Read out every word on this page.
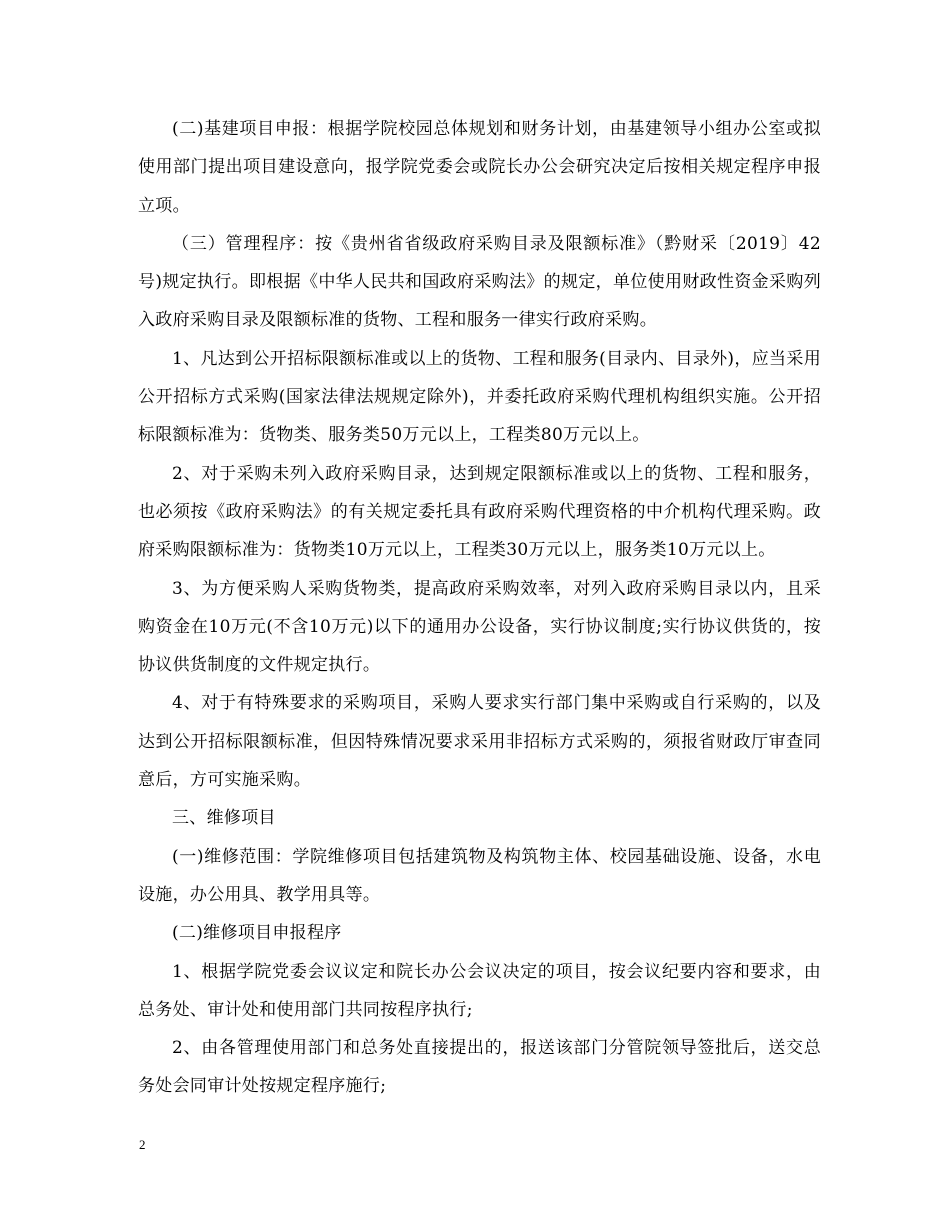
(二)基建项目申报：根据学院校园总体规划和财务计划，由基建领导小组办公室或拟使用部门提出项目建设意向，报学院党委会或院长办公会研究决定后按相关规定程序申报立项。

（三）管理程序：按《贵州省省级政府采购目录及限额标准》（黔财采〔2019〕42号)规定执行。即根据《中华人民共和国政府采购法》的规定，单位使用财政性资金采购列入政府采购目录及限额标准的货物、工程和服务一律实行政府采购。

1、凡达到公开招标限额标准或以上的货物、工程和服务(目录内、目录外)，应当采用公开招标方式采购(国家法律法规规定除外)，并委托政府采购代理机构组织实施。公开招标限额标准为：货物类、服务类50万元以上，工程类80万元以上。

2、对于采购未列入政府采购目录，达到规定限额标准或以上的货物、工程和服务，也必须按《政府采购法》的有关规定委托具有政府采购代理资格的中介机构代理采购。政府采购限额标准为：货物类10万元以上，工程类30万元以上，服务类10万元以上。

3、为方便采购人采购货物类，提高政府采购效率，对列入政府采购目录以内，且采购资金在10万元(不含10万元)以下的通用办公设备，实行协议制度;实行协议供货的，按协议供货制度的文件规定执行。

4、对于有特殊要求的采购项目，采购人要求实行部门集中采购或自行采购的，以及达到公开招标限额标准，但因特殊情况要求采用非招标方式采购的，须报省财政厅审查同意后，方可实施采购。

三、维修项目

(一)维修范围：学院维修项目包括建筑物及构筑物主体、校园基础设施、设备，水电设施，办公用具、教学用具等。

(二)维修项目申报程序

1、根据学院党委会议议定和院长办公会议决定的项目，按会议纪要内容和要求，由总务处、审计处和使用部门共同按程序执行;

2、由各管理使用部门和总务处直接提出的，报送该部门分管院领导签批后，送交总务处会同审计处按规定程序施行;

2
